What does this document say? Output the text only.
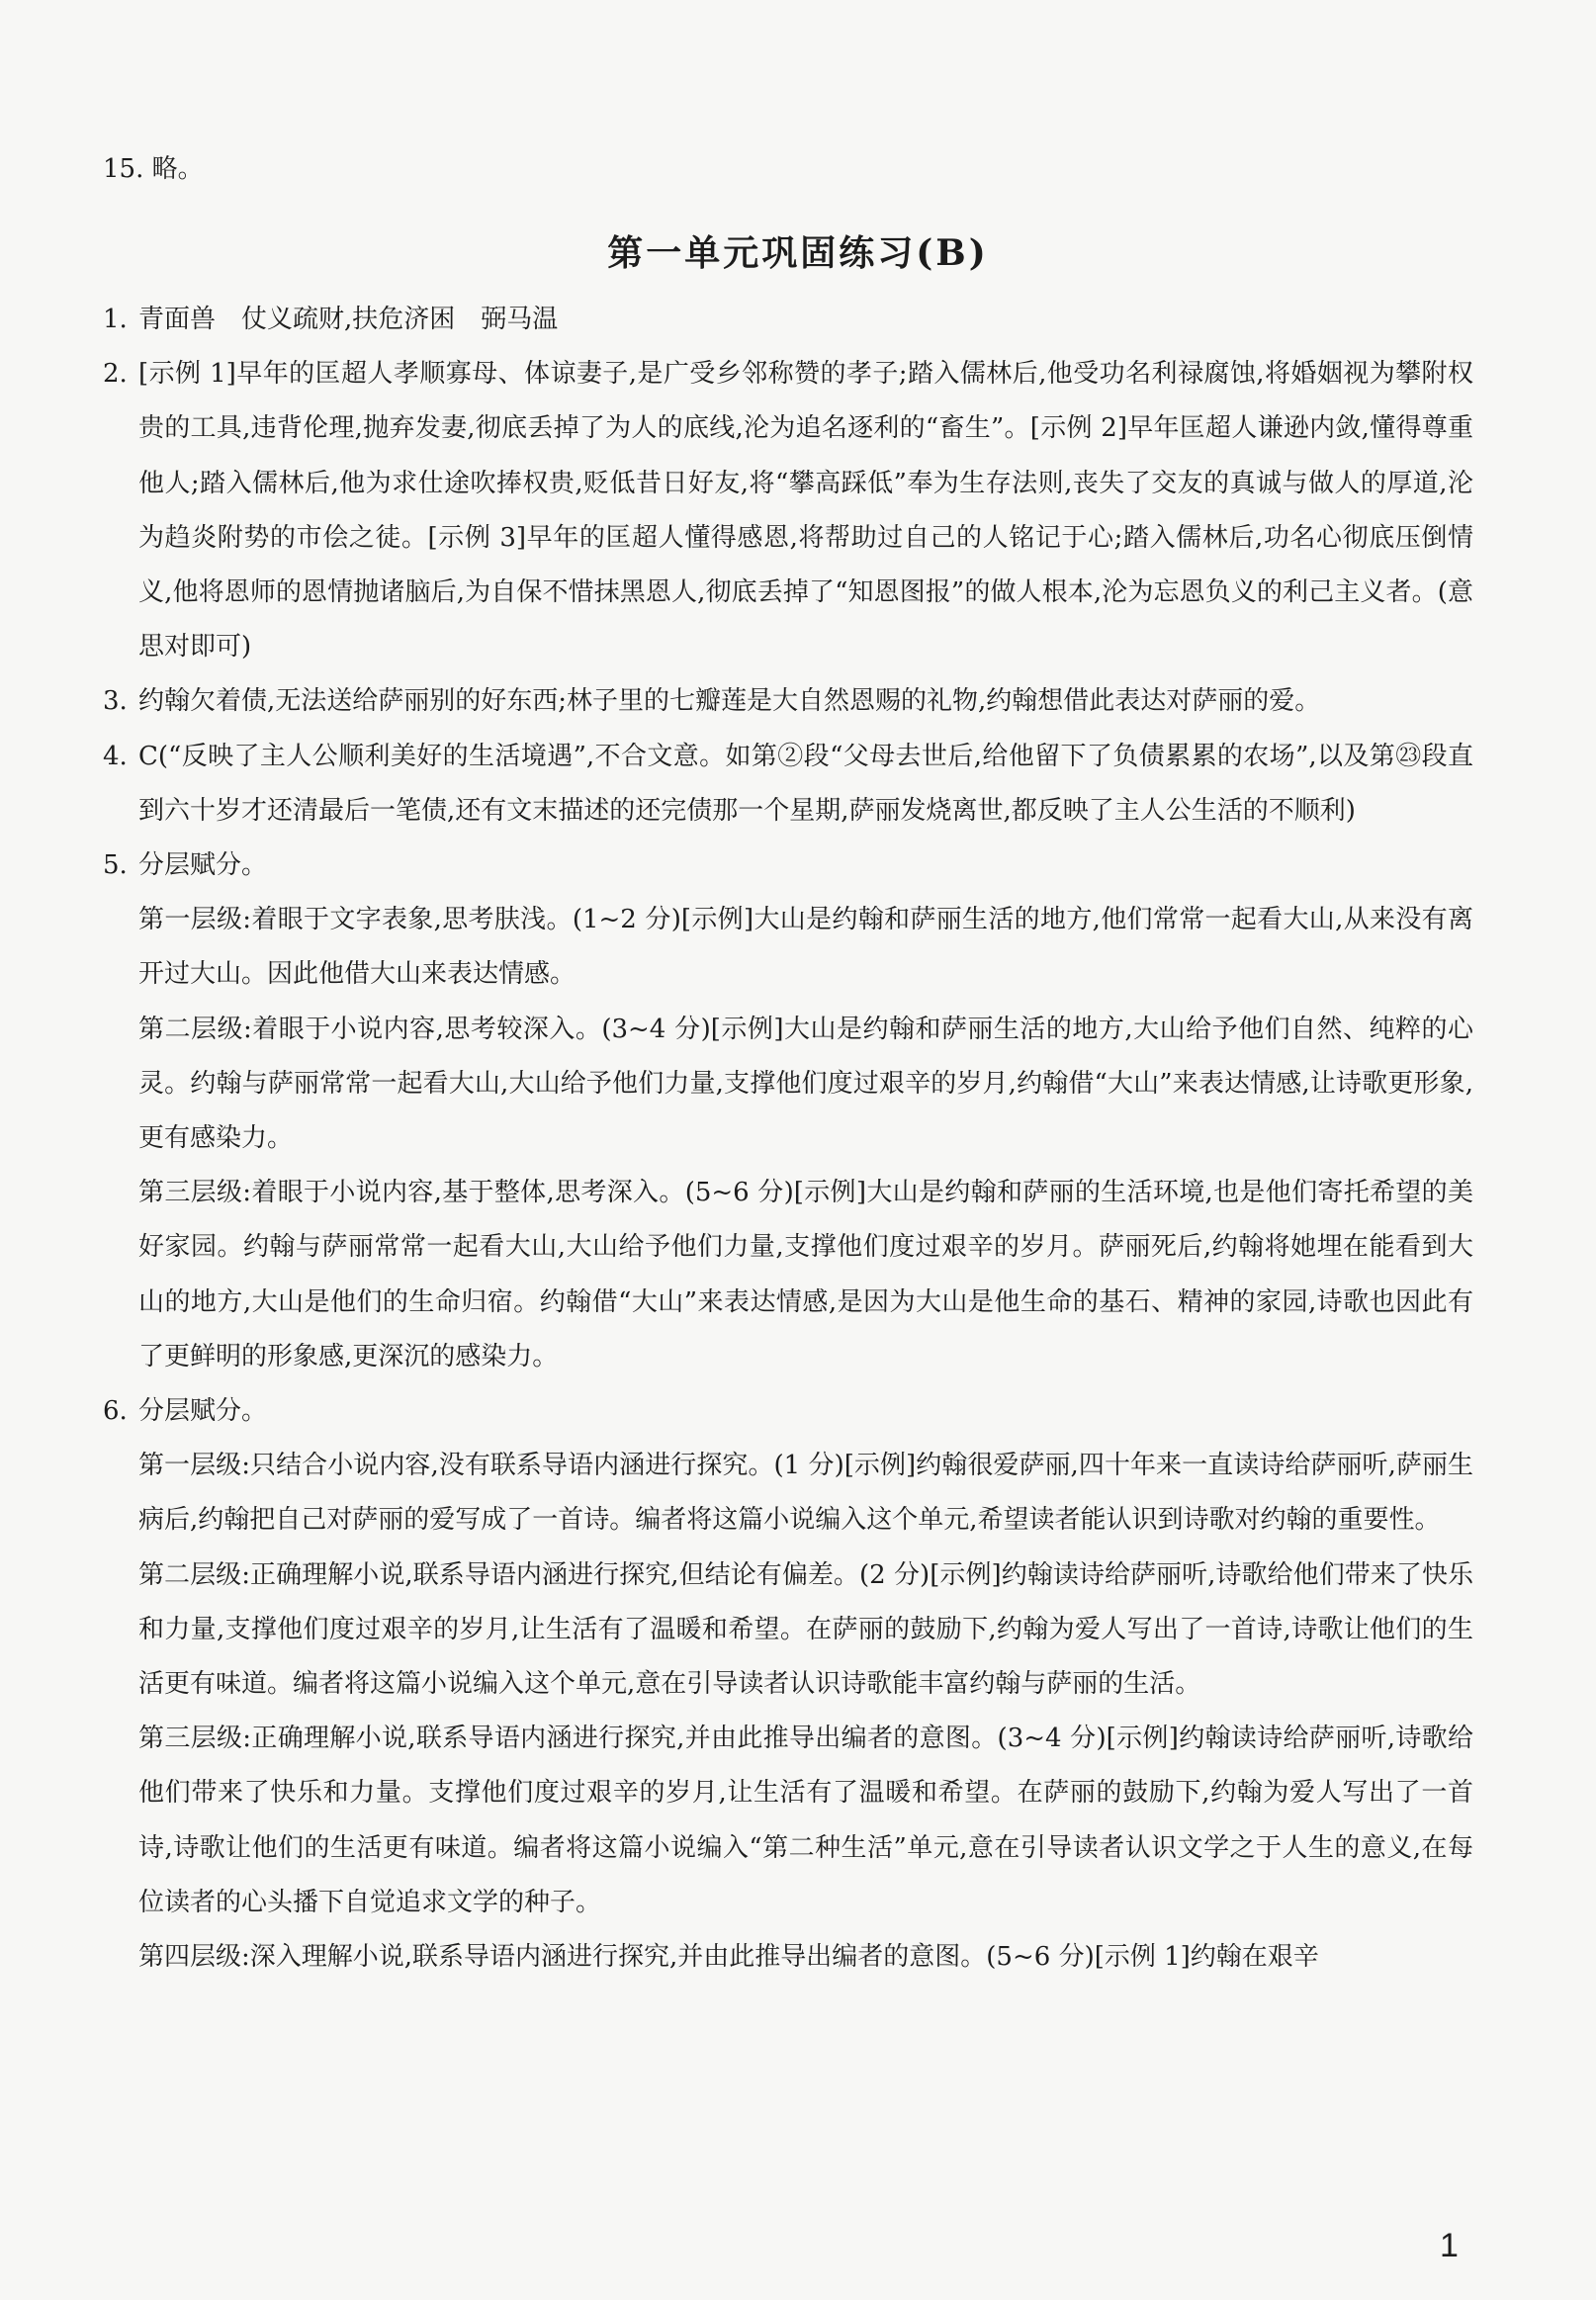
15. 略。
第一单元巩固练习(B)
1. 青面兽　仗义疏财,扶危济困　弼马温
2. [示例 1]早年的匡超人孝顺寡母、体谅妻子,是广受乡邻称赞的孝子;踏入儒林后,他受功名利禄腐蚀,将婚姻视为攀附权贵的工具,违背伦理,抛弃发妻,彻底丢掉了为人的底线,沦为追名逐利的“畜生”。[示例 2]早年匡超人谦逊内敛,懂得尊重他人;踏入儒林后,他为求仕途吹捧权贵,贬低昔日好友,将“攀高踩低”奉为生存法则,丧失了交友的真诚与做人的厚道,沦为趋炎附势的市侩之徒。[示例 3]早年的匡超人懂得感恩,将帮助过自己的人铭记于心;踏入儒林后,功名心彻底压倒情义,他将恩师的恩情抛诸脑后,为自保不惜抹黑恩人,彻底丢掉了“知恩图报”的做人根本,沦为忘恩负义的利己主义者。(意思对即可)
3. 约翰欠着债,无法送给萨丽别的好东西;林子里的七瓣莲是大自然恩赐的礼物,约翰想借此表达对萨丽的爱。
4. C(“反映了主人公顺利美好的生活境遇”,不合文意。如第②段“父母去世后,给他留下了负债累累的农场”,以及第㉓段直到六十岁才还清最后一笔债,还有文末描述的还完债那一个星期,萨丽发烧离世,都反映了主人公生活的不顺利)
5. 分层赋分。
第一层级:着眼于文字表象,思考肤浅。(1~2 分)[示例]大山是约翰和萨丽生活的地方,他们常常一起看大山,从来没有离开过大山。因此他借大山来表达情感。
第二层级:着眼于小说内容,思考较深入。(3~4 分)[示例]大山是约翰和萨丽生活的地方,大山给予他们自然、纯粹的心灵。约翰与萨丽常常一起看大山,大山给予他们力量,支撑他们度过艰辛的岁月,约翰借“大山”来表达情感,让诗歌更形象,更有感染力。
第三层级:着眼于小说内容,基于整体,思考深入。(5~6 分)[示例]大山是约翰和萨丽的生活环境,也是他们寄托希望的美好家园。约翰与萨丽常常一起看大山,大山给予他们力量,支撑他们度过艰辛的岁月。萨丽死后,约翰将她埋在能看到大山的地方,大山是他们的生命归宿。约翰借“大山”来表达情感,是因为大山是他生命的基石、精神的家园,诗歌也因此有了更鲜明的形象感,更深沉的感染力。
6. 分层赋分。
第一层级:只结合小说内容,没有联系导语内涵进行探究。(1 分)[示例]约翰很爱萨丽,四十年来一直读诗给萨丽听,萨丽生病后,约翰把自己对萨丽的爱写成了一首诗。编者将这篇小说编入这个单元,希望读者能认识到诗歌对约翰的重要性。
第二层级:正确理解小说,联系导语内涵进行探究,但结论有偏差。(2 分)[示例]约翰读诗给萨丽听,诗歌给他们带来了快乐和力量,支撑他们度过艰辛的岁月,让生活有了温暖和希望。在萨丽的鼓励下,约翰为爱人写出了一首诗,诗歌让他们的生活更有味道。编者将这篇小说编入这个单元,意在引导读者认识诗歌能丰富约翰与萨丽的生活。
第三层级:正确理解小说,联系导语内涵进行探究,并由此推导出编者的意图。(3~4 分)[示例]约翰读诗给萨丽听,诗歌给他们带来了快乐和力量。支撑他们度过艰辛的岁月,让生活有了温暖和希望。在萨丽的鼓励下,约翰为爱人写出了一首诗,诗歌让他们的生活更有味道。编者将这篇小说编入“第二种生活”单元,意在引导读者认识文学之于人生的意义,在每位读者的心头播下自觉追求文学的种子。
第四层级:深入理解小说,联系导语内涵进行探究,并由此推导出编者的意图。(5~6 分)[示例 1]约翰在艰辛
1
